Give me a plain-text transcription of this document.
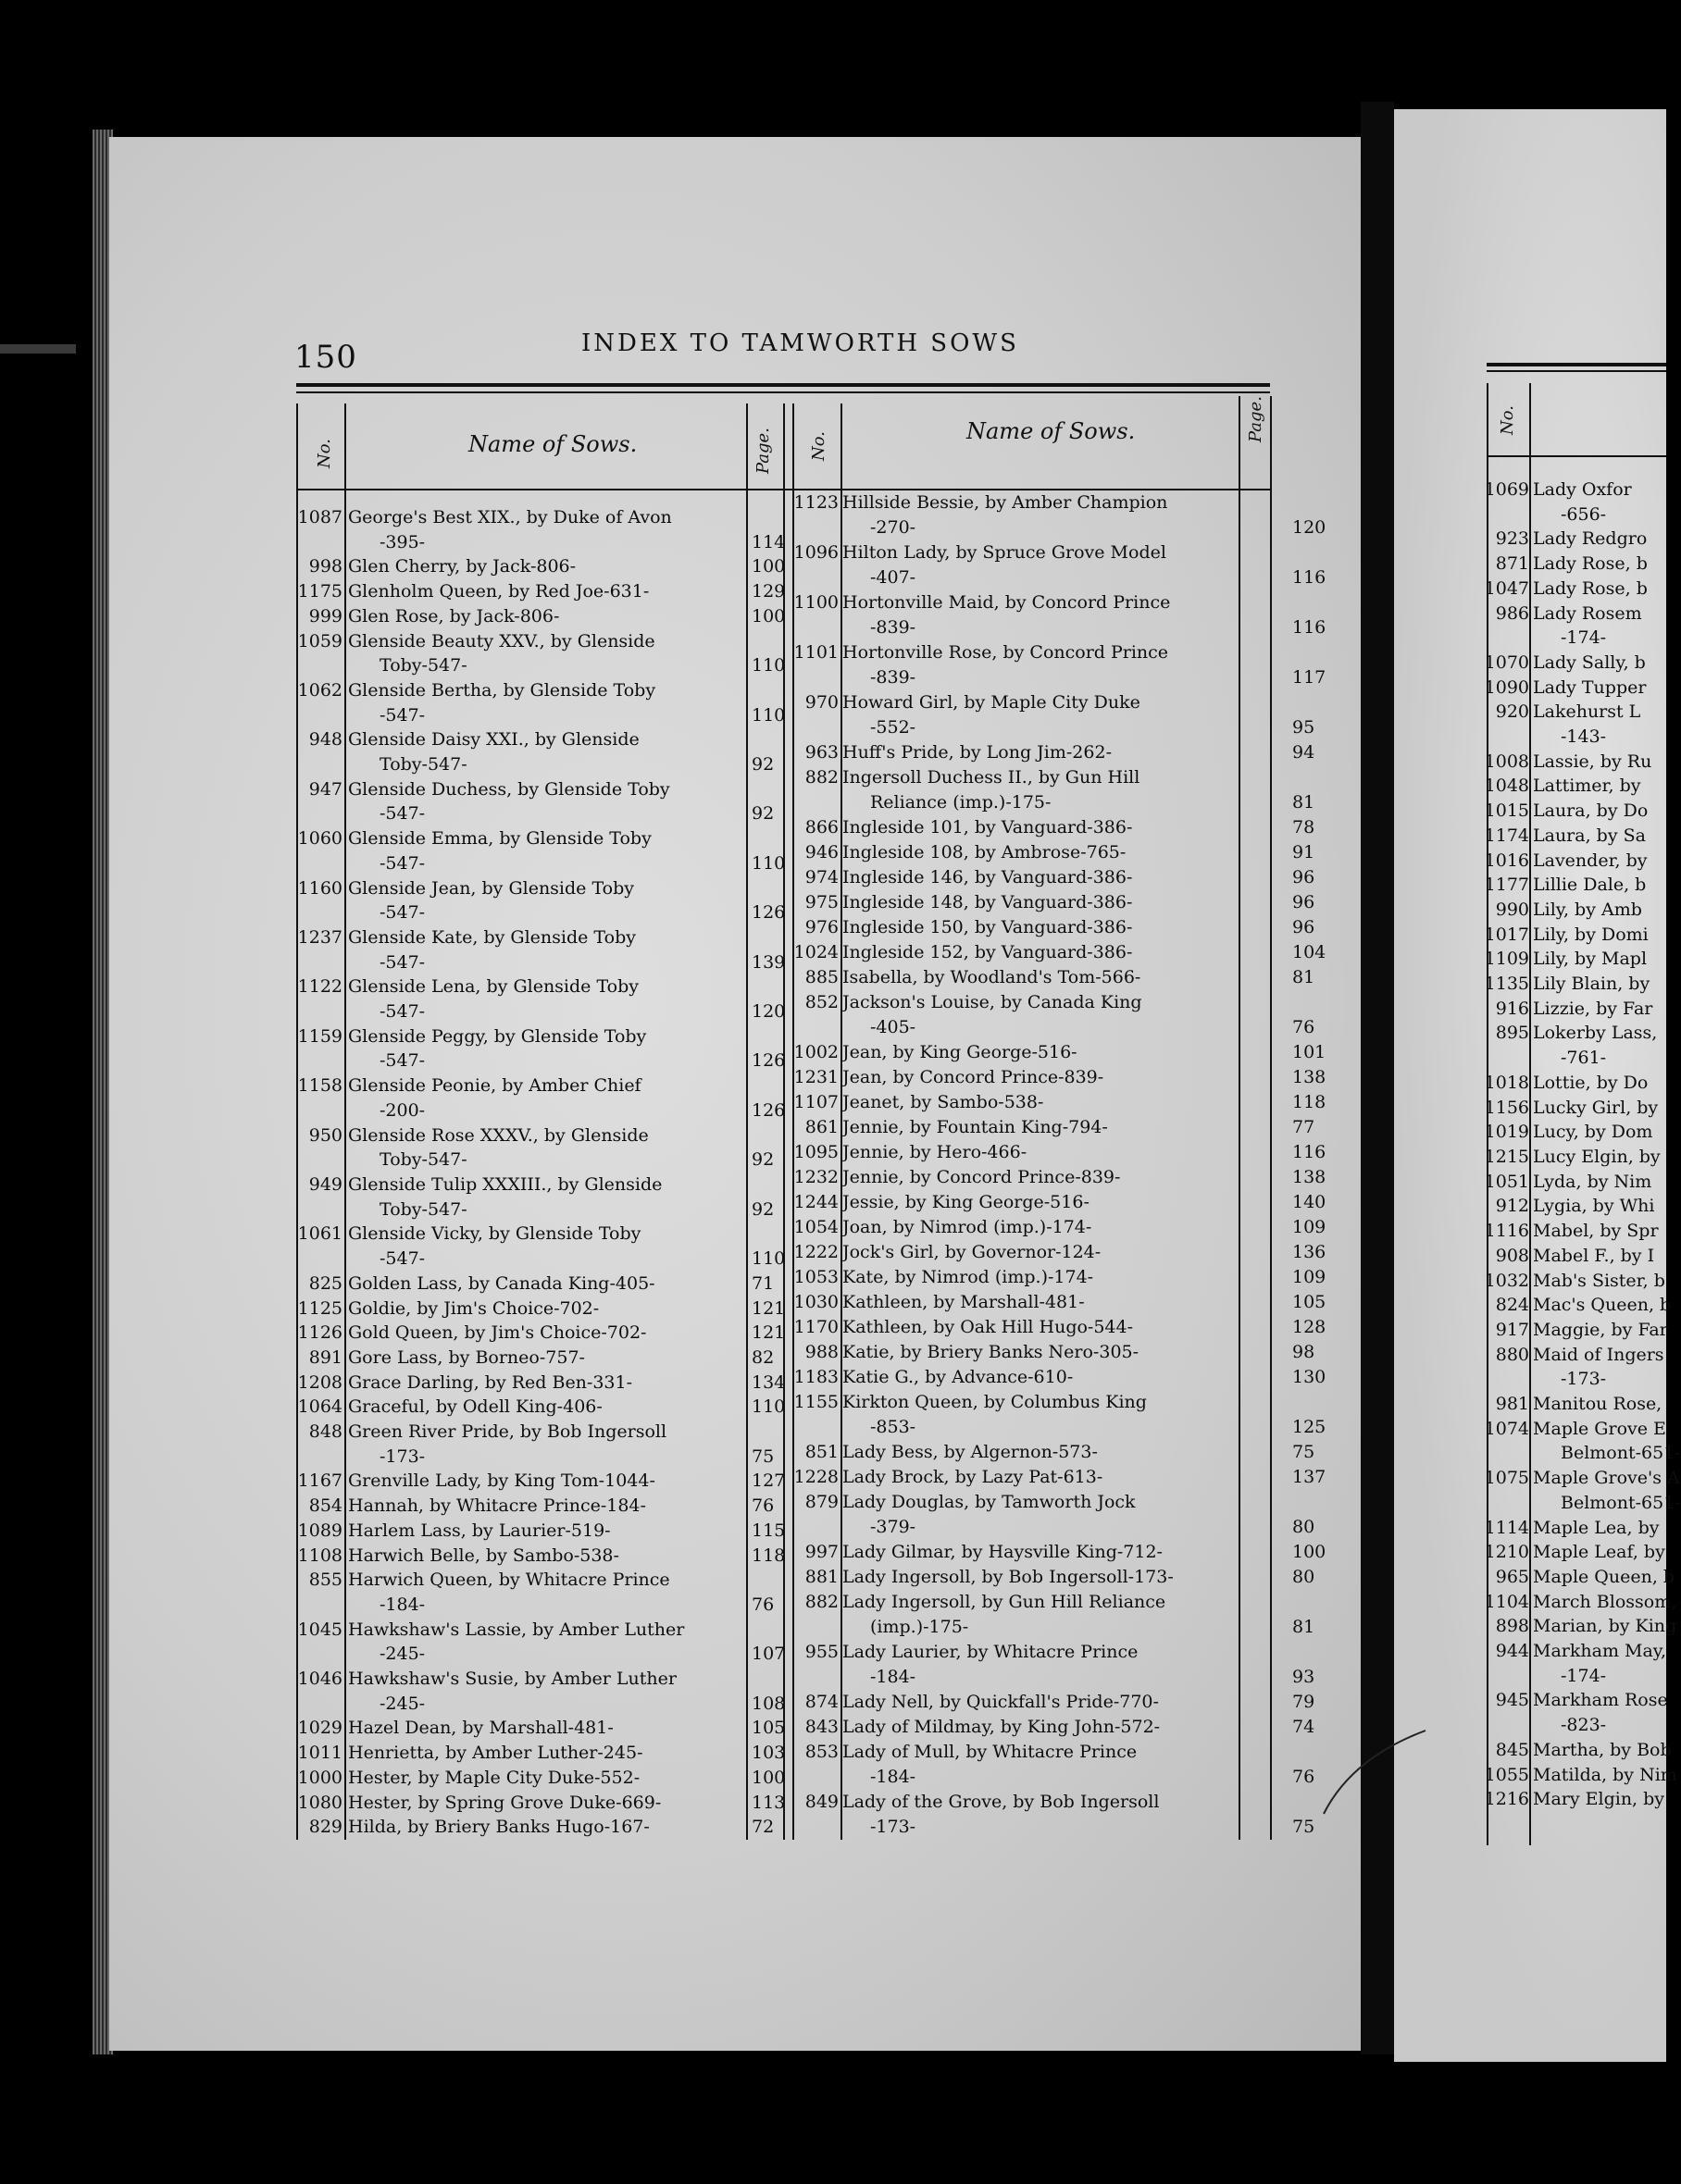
150	INDEX TO TAMWORTH SOWS
No.	Name of Sows.	Page. No.	Name of Sows.	Page.	No.
1087 George's Best XIX., by Duke of Avon
-395-	114
998 Glen Cherry, by Jack-806-	100
1175 Glenholm Queen, by Red Joe-631-	129
999 Glen Rose, by Jack-806-	100
1059 Glenside Beauty XXV., by Glenside
Toby-547-	110
1062 Glenside Bertha, by Glenside Toby
-547-	110
948 Glenside Daisy XXI., by Glenside
Toby-547-	92
947 Glenside Duchess, by Glenside Toby
-547-	92
1060 Glenside Emma, by Glenside Toby
-547-	110
1160 Glenside Jean, by Glenside Toby
-547-	126
1237 Glenside Kate, by Glenside Toby
-547-	139
1122 Glenside Lena, by Glenside Toby
-547-	120
1159 Glenside Peggy, by Glenside Toby
-547-	126
1158 Glenside Peonie, by Amber Chief
-200-	126
950 Glenside Rose XXXV., by Glenside
Toby-547-	92
949 Glenside Tulip XXXIII., by Glenside
Toby-547-	92
1061 Glenside Vicky, by Glenside Toby
-547-	110
825 Golden Lass, by Canada King-405-	71
1125 Goldie, by Jim's Choice-702-	121
1126 Gold Queen, by Jim's Choice-702-	121
891 Gore Lass, by Borneo-757-	82
1208 Grace Darling, by Red Ben-331-	134
1064 Graceful, by Odell King-406-	110
848 Green River Pride, by Bob Ingersoll
-173-	75
1167 Grenville Lady, by King Tom-1044-	127
854 Hannah, by Whitacre Prince-184-	76
1089 Harlem Lass, by Laurier-519-	115
1108 Harwich Belle, by Sambo-538-	118
855 Harwich Queen, by Whitacre Prince
-184-	76
1045 Hawkshaw's Lassie, by Amber Luther
-245-	107
1046 Hawkshaw's Susie, by Amber Luther
-245-	108
1029 Hazel Dean, by Marshall-481-	105
1011 Henrietta, by Amber Luther-245-	103
1000 Hester, by Maple City Duke-552-	100
1080 Hester, by Spring Grove Duke-669-	113
829 Hilda, by Briery Banks Hugo-167-	72
1123 Hillside Bessie, by Amber Champion
-270-	120
1096 Hilton Lady, by Spruce Grove Model
-407-	116
1100 Hortonville Maid, by Concord Prince
-839-	116
1101 Hortonville Rose, by Concord Prince
-839-	117
970 Howard Girl, by Maple City Duke
-552-	95
963 Huff's Pride, by Long Jim-262-	94
882 Ingersoll Duchess II., by Gun Hill
Reliance (imp.)-175-	81
866 Ingleside 101, by Vanguard-386-	78
946 Ingleside 108, by Ambrose-765-	91
974 Ingleside 146, by Vanguard-386-	96
975 Ingleside 148, by Vanguard-386-	96
976 Ingleside 150, by Vanguard-386-	96
1024 Ingleside 152, by Vanguard-386-	104
885 Isabella, by Woodland's Tom-566-	81
852 Jackson's Louise, by Canada King
-405-	76
1002 Jean, by King George-516-	101
1231 Jean, by Concord Prince-839-	138
1107 Jeanet, by Sambo-538-	118
861 Jennie, by Fountain King-794-	77
1095 Jennie, by Hero-466-	116
1232 Jennie, by Concord Prince-839-	138
1244 Jessie, by King George-516-	140
1054 Joan, by Nimrod (imp.)-174-	109
1222 Jock's Girl, by Governor-124-	136
1053 Kate, by Nimrod (imp.)-174-	109
1030 Kathleen, by Marshall-481-	105
1170 Kathleen, by Oak Hill Hugo-544-	128
988 Katie, by Briery Banks Nero-305-	98
1183 Katie G., by Advance-610-	130
1155 Kirkton Queen, by Columbus King
-853-	125
851 Lady Bess, by Algernon-573-	75
1228 Lady Brock, by Lazy Pat-613-	137
879 Lady Douglas, by Tamworth Jock
-379-	80
997 Lady Gilmar, by Haysville King-712-	100
881 Lady Ingersoll, by Bob Ingersoll-173-	80
882 Lady Ingersoll, by Gun Hill Reliance
(imp.)-175-	81
955 Lady Laurier, by Whitacre Prince
-184-	93
874 Lady Nell, by Quickfall's Pride-770-	79
843 Lady of Mildmay, by King John-572-	74
853 Lady of Mull, by Whitacre Prince
-184-	76
849 Lady of the Grove, by Bob Ingersoll
-173-	75
1069 Lady Oxfor
-656-
923 Lady Redgro
871 Lady Rose, b
1047 Lady Rose, b
986 Lady Rosem
-174-
1070 Lady Sally, b
1090 Lady Tupper
920 Lakehurst L
-143-
1008 Lassie, by Ru
1048 Lattimer, by
1015 Laura, by Do
1174 Laura, by Sa
1016 Lavender, by
1177 Lillie Dale, b
990 Lily, by Amb
1017 Lily, by Domi
1109 Lily, by Mapl
1135 Lily Blain, by
916 Lizzie, by Far
895 Lokerby Lass,
-761-
1018 Lottie, by Do
1156 Lucky Girl, by
1019 Lucy, by Dom
1215 Lucy Elgin, by
1051 Lyda, by Nim
912 Lygia, by Whi
1116 Mabel, by Spr
908 Mabel F., by I
1032 Mab's Sister, b
824 Mac's Queen, b
917 Maggie, by Far
880 Maid of Ingers
-173-
981 Manitou Rose,
1074 Maple Grove E
Belmont-651-
1075 Maple Grove's A
Belmont-651-
1114 Maple Lea, by
1210 Maple Leaf, by
965 Maple Queen, b
1104 March Blossom,
898 Marian, by King
944 Markham May,
-174-
945 Markham Rose
-823-
845 Martha, by Bob
1055 Matilda, by Nim
1216 Mary Elgin, by
